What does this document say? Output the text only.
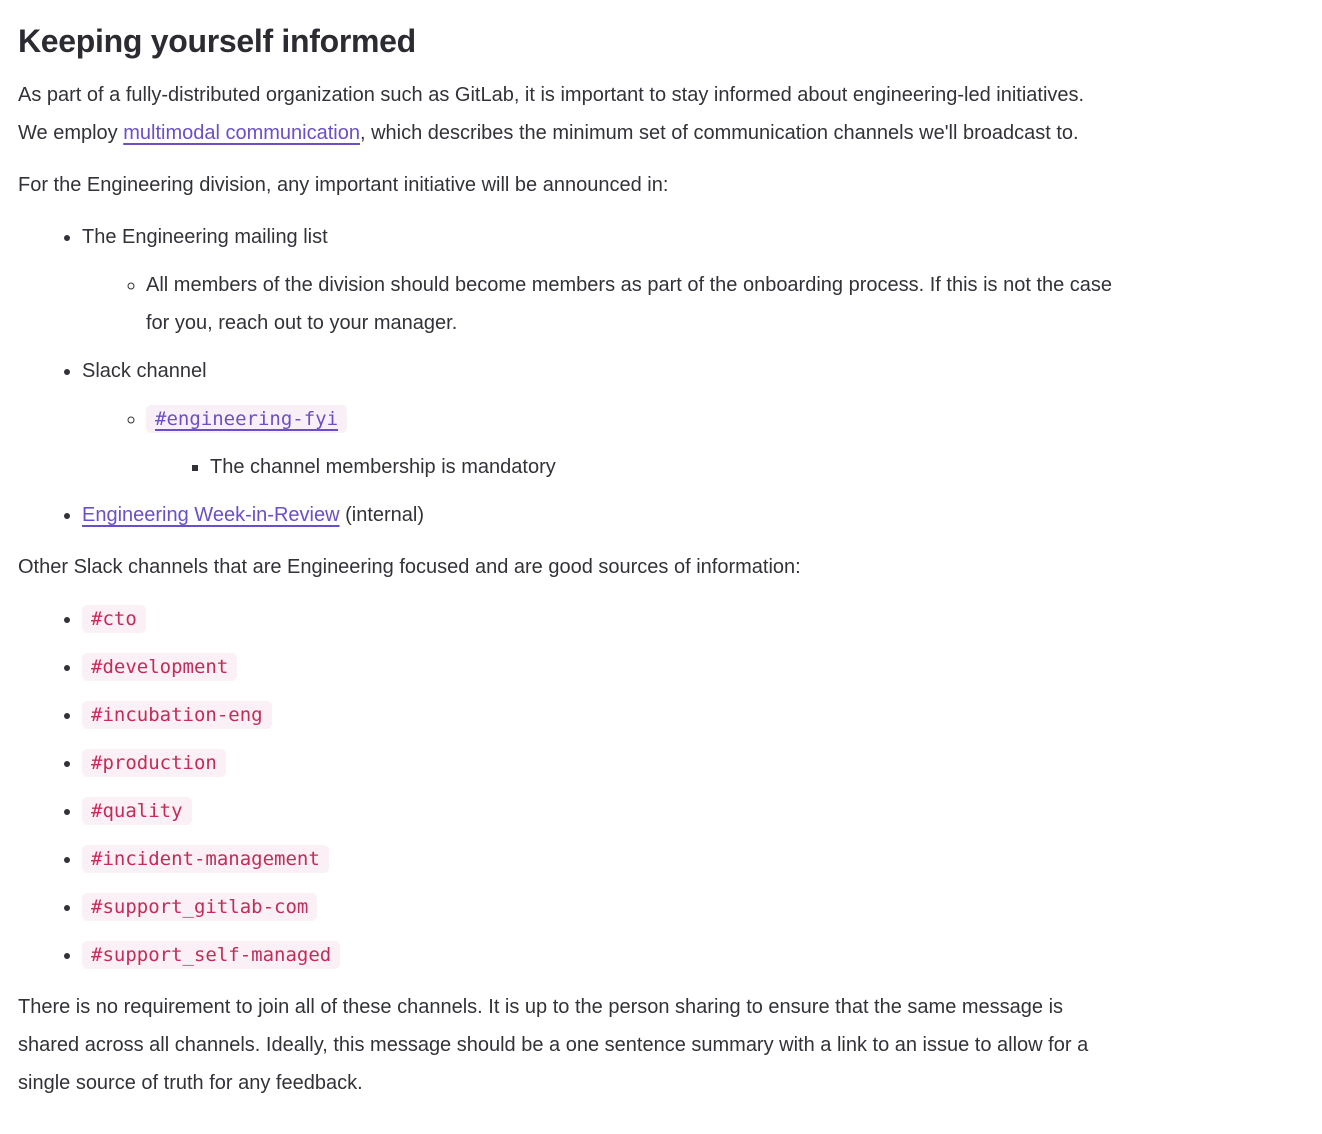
Keeping yourself informed

As part of a fully-distributed organization such as GitLab, it is important to stay informed about engineering-led initiatives.
We employ multimodal communication, which describes the minimum set of communication channels we'll broadcast to.

For the Engineering division, any important initiative will be announced in:

• The Engineering mailing list
◦ All members of the division should become members as part of the onboarding process. If this is not the case
for you, reach out to your manager.
• Slack channel
◦ #engineering-fyi
▪ The channel membership is mandatory
• Engineering Week-in-Review (internal)

Other Slack channels that are Engineering focused and are good sources of information:

• #cto
• #development
• #incubation-eng
• #production
• #quality
• #incident-management
• #support_gitlab-com
• #support_self-managed

There is no requirement to join all of these channels. It is up to the person sharing to ensure that the same message is
shared across all channels. Ideally, this message should be a one sentence summary with a link to an issue to allow for a
single source of truth for any feedback.
